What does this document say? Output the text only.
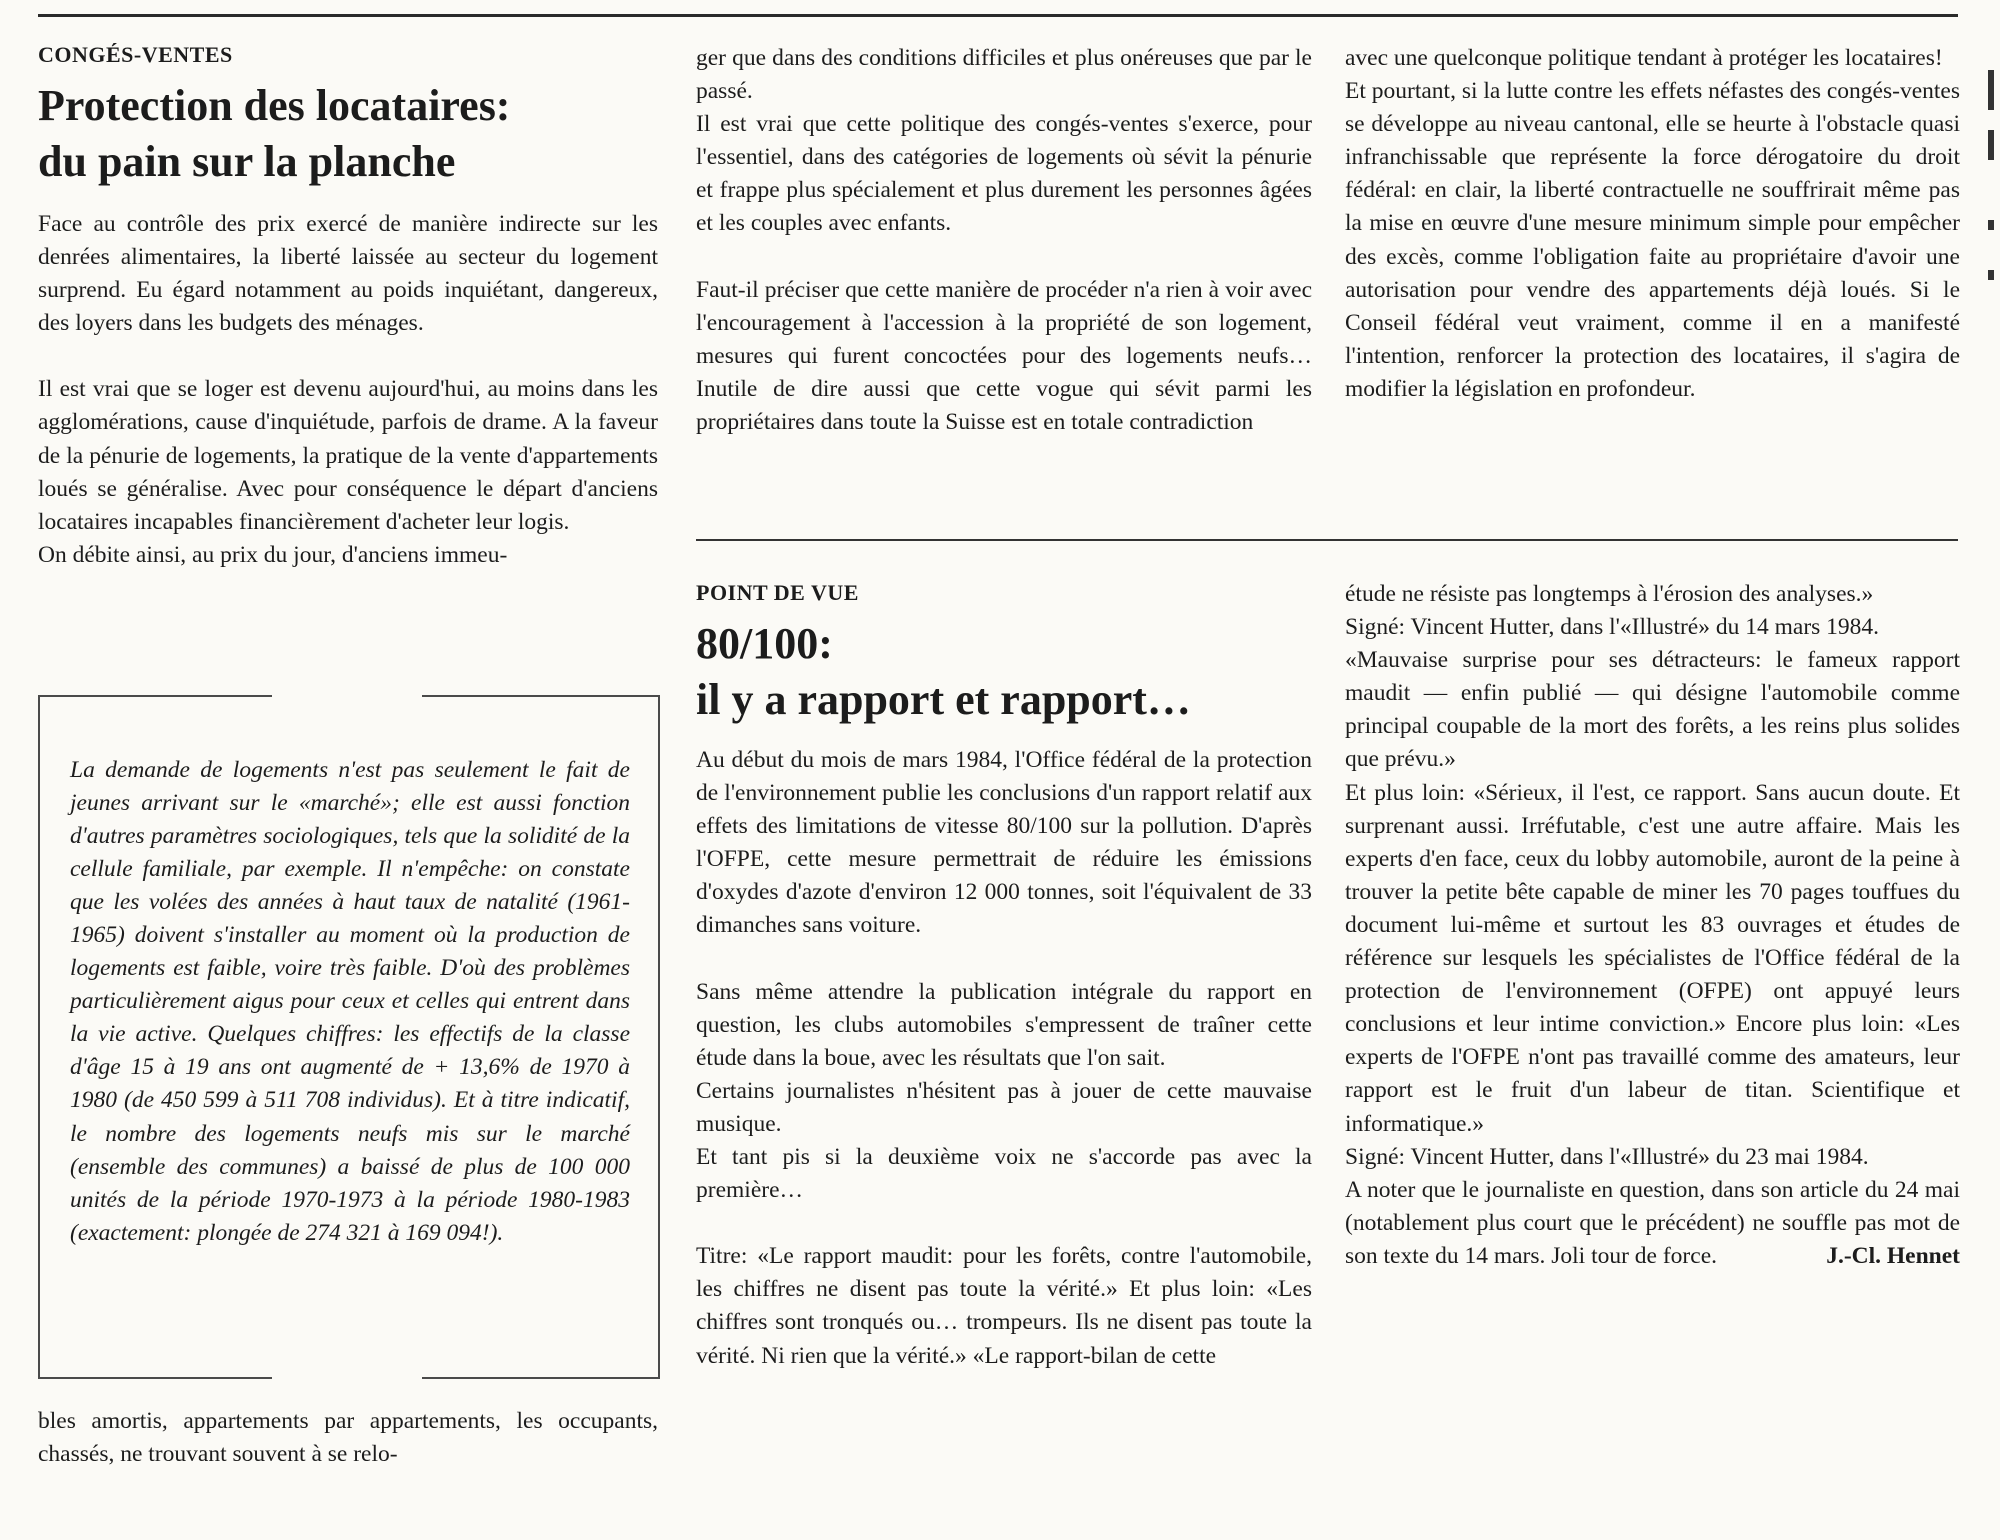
CONGÉS-VENTES
Protection des locataires:
du pain sur la planche

Face au contrôle des prix exercé de manière indirecte sur les denrées alimentaires, la liberté laissée au secteur du logement surprend. Eu égard notamment au poids inquiétant, dangereux, des loyers dans les budgets des ménages.

Il est vrai que se loger est devenu aujourd'hui, au moins dans les agglomérations, cause d'inquiétude, parfois de drame. A la faveur de la pénurie de logements, la pratique de la vente d'appartements loués se généralise. Avec pour conséquence le départ d'anciens locataires incapables financièrement d'acheter leur logis.

On débite ainsi, au prix du jour, d'anciens immeu-

La demande de logements n'est pas seulement le fait de jeunes arrivant sur le «marché»; elle est aussi fonction d'autres paramètres sociologiques, tels que la solidité de la cellule familiale, par exemple. Il n'empêche: on constate que les volées des années à haut taux de natalité (1961-1965) doivent s'installer au moment où la production de logements est faible, voire très faible. D'où des problèmes particulièrement aigus pour ceux et celles qui entrent dans la vie active. Quelques chiffres: les effectifs de la classe d'âge 15 à 19 ans ont augmenté de + 13,6% de 1970 à 1980 (de 450 599 à 511 708 individus). Et à titre indicatif, le nombre des logements neufs mis sur le marché (ensemble des communes) a baissé de plus de 100 000 unités de la période 1970-1973 à la période 1980-1983 (exactement: plongée de 274 321 à 169 094!).

bles amortis, appartements par appartements, les occupants, chassés, ne trouvant souvent à se relo-

ger que dans des conditions difficiles et plus onéreuses que par le passé.

Il est vrai que cette politique des congés-ventes s'exerce, pour l'essentiel, dans des catégories de logements où sévit la pénurie et frappe plus spécialement et plus durement les personnes âgées et les couples avec enfants.

Faut-il préciser que cette manière de procéder n'a rien à voir avec l'encouragement à l'accession à la propriété de son logement, mesures qui furent concoctées pour des logements neufs… Inutile de dire aussi que cette vogue qui sévit parmi les propriétaires dans toute la Suisse est en totale contradiction

avec une quelconque politique tendant à protéger les locataires!

Et pourtant, si la lutte contre les effets néfastes des congés-ventes se développe au niveau cantonal, elle se heurte à l'obstacle quasi infranchissable que représente la force dérogatoire du droit fédéral: en clair, la liberté contractuelle ne souffrirait même pas la mise en œuvre d'une mesure minimum simple pour empêcher des excès, comme l'obligation faite au propriétaire d'avoir une autorisation pour vendre des appartements déjà loués. Si le Conseil fédéral veut vraiment, comme il en a manifesté l'intention, renforcer la protection des locataires, il s'agira de modifier la législation en profondeur.

POINT DE VUE
80/100:
il y a rapport et rapport…

Au début du mois de mars 1984, l'Office fédéral de la protection de l'environnement publie les conclusions d'un rapport relatif aux effets des limitations de vitesse 80/100 sur la pollution. D'après l'OFPE, cette mesure permettrait de réduire les émissions d'oxydes d'azote d'environ 12 000 tonnes, soit l'équivalent de 33 dimanches sans voiture.

Sans même attendre la publication intégrale du rapport en question, les clubs automobiles s'empressent de traîner cette étude dans la boue, avec les résultats que l'on sait.

Certains journalistes n'hésitent pas à jouer de cette mauvaise musique.

Et tant pis si la deuxième voix ne s'accorde pas avec la première…

Titre: «Le rapport maudit: pour les forêts, contre l'automobile, les chiffres ne disent pas toute la vérité.» Et plus loin: «Les chiffres sont tronqués ou… trompeurs. Ils ne disent pas toute la vérité. Ni rien que la vérité.» «Le rapport-bilan de cette

étude ne résiste pas longtemps à l'érosion des analyses.»

Signé: Vincent Hutter, dans l'«Illustré» du 14 mars 1984.

«Mauvaise surprise pour ses détracteurs: le fameux rapport maudit — enfin publié — qui désigne l'automobile comme principal coupable de la mort des forêts, a les reins plus solides que prévu.»

Et plus loin: «Sérieux, il l'est, ce rapport. Sans aucun doute. Et surprenant aussi. Irréfutable, c'est une autre affaire. Mais les experts d'en face, ceux du lobby automobile, auront de la peine à trouver la petite bête capable de miner les 70 pages touffues du document lui-même et surtout les 83 ouvrages et études de référence sur lesquels les spécialistes de l'Office fédéral de la protection de l'environnement (OFPE) ont appuyé leurs conclusions et leur intime conviction.» Encore plus loin: «Les experts de l'OFPE n'ont pas travaillé comme des amateurs, leur rapport est le fruit d'un labeur de titan. Scientifique et informatique.»

Signé: Vincent Hutter, dans l'«Illustré» du 23 mai 1984.

A noter que le journaliste en question, dans son article du 24 mai (notablement plus court que le précédent) ne souffle pas mot de son texte du 14 mars. Joli tour de force.	J.-Cl. Hennet
